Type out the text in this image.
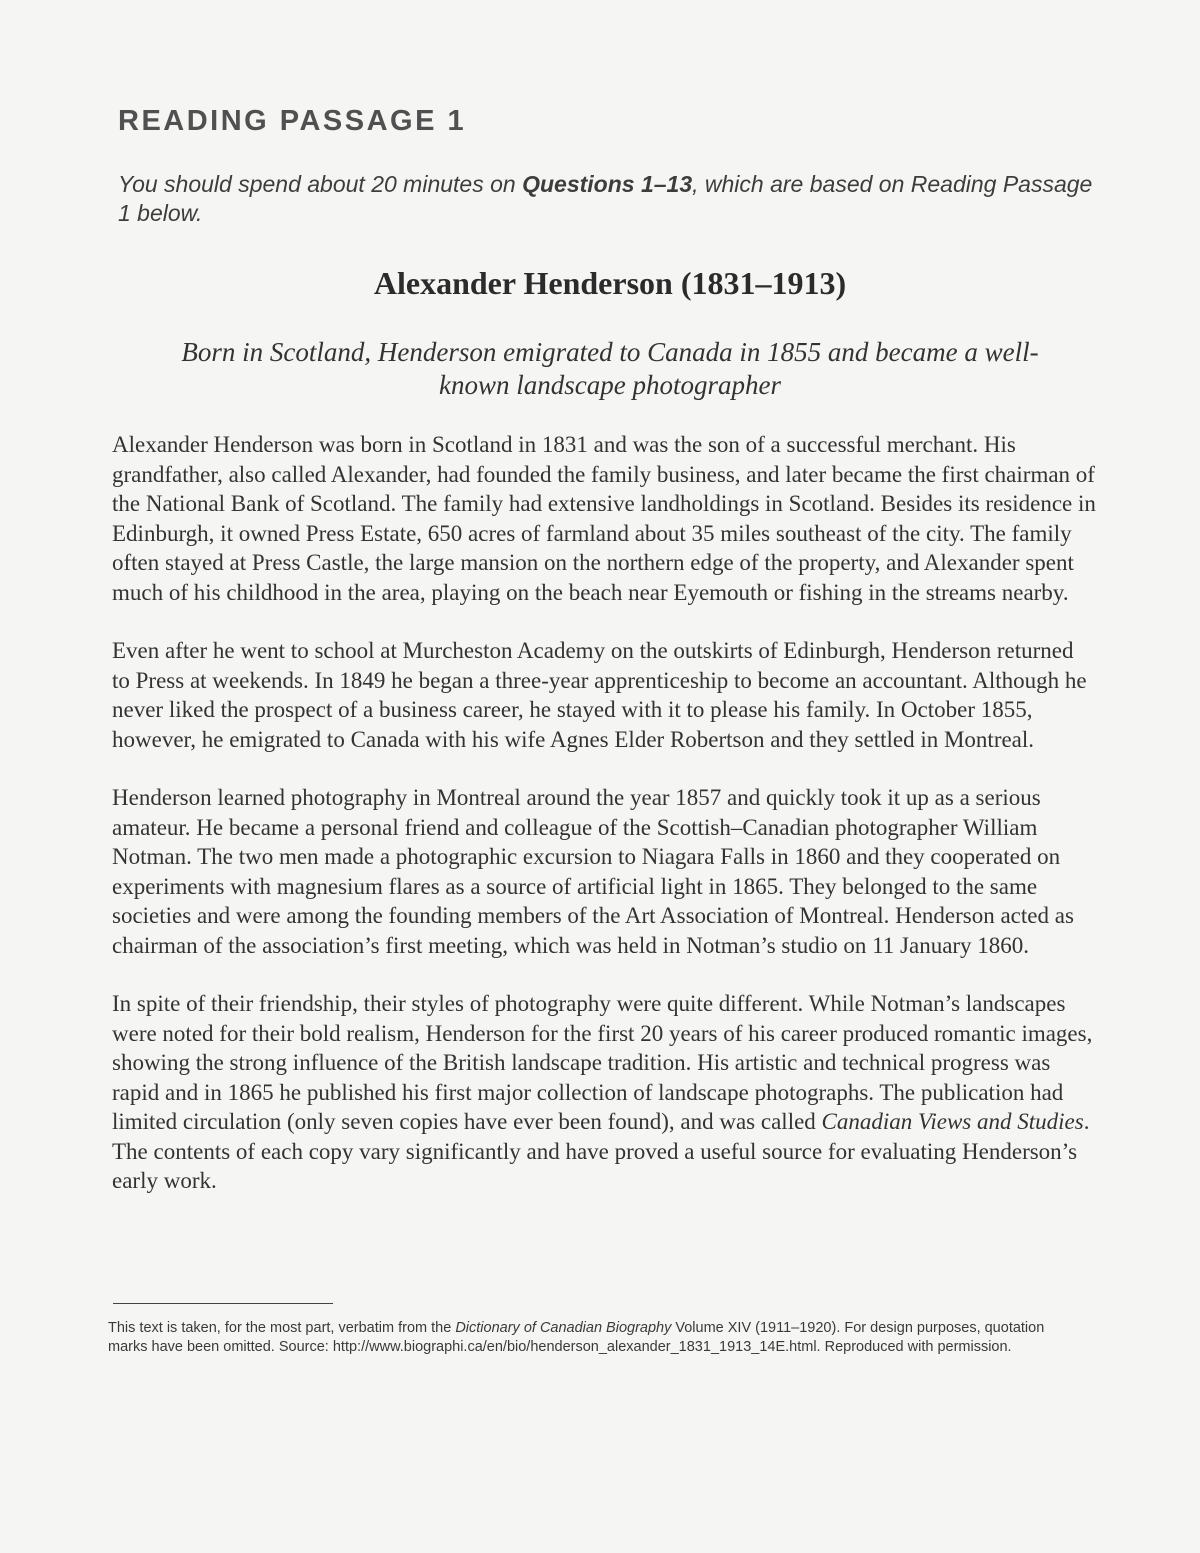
READING PASSAGE 1

You should spend about 20 minutes on Questions 1–13, which are based on Reading Passage 1 below.

Alexander Henderson (1831–1913)

Born in Scotland, Henderson emigrated to Canada in 1855 and became a well-known landscape photographer

Alexander Henderson was born in Scotland in 1831 and was the son of a successful merchant. His grandfather, also called Alexander, had founded the family business, and later became the first chairman of the National Bank of Scotland. The family had extensive landholdings in Scotland. Besides its residence in Edinburgh, it owned Press Estate, 650 acres of farmland about 35 miles southeast of the city. The family often stayed at Press Castle, the large mansion on the northern edge of the property, and Alexander spent much of his childhood in the area, playing on the beach near Eyemouth or fishing in the streams nearby.

Even after he went to school at Murcheston Academy on the outskirts of Edinburgh, Henderson returned to Press at weekends. In 1849 he began a three-year apprenticeship to become an accountant. Although he never liked the prospect of a business career, he stayed with it to please his family. In October 1855, however, he emigrated to Canada with his wife Agnes Elder Robertson and they settled in Montreal.

Henderson learned photography in Montreal around the year 1857 and quickly took it up as a serious amateur. He became a personal friend and colleague of the Scottish–Canadian photographer William Notman. The two men made a photographic excursion to Niagara Falls in 1860 and they cooperated on experiments with magnesium flares as a source of artificial light in 1865. They belonged to the same societies and were among the founding members of the Art Association of Montreal. Henderson acted as chairman of the association’s first meeting, which was held in Notman’s studio on 11 January 1860.

In spite of their friendship, their styles of photography were quite different. While Notman’s landscapes were noted for their bold realism, Henderson for the first 20 years of his career produced romantic images, showing the strong influence of the British landscape tradition. His artistic and technical progress was rapid and in 1865 he published his first major collection of landscape photographs. The publication had limited circulation (only seven copies have ever been found), and was called Canadian Views and Studies. The contents of each copy vary significantly and have proved a useful source for evaluating Henderson’s early work.

This text is taken, for the most part, verbatim from the Dictionary of Canadian Biography Volume XIV (1911–1920). For design purposes, quotation marks have been omitted. Source: http://www.biographi.ca/en/bio/henderson_alexander_1831_1913_14E.html. Reproduced with permission.
